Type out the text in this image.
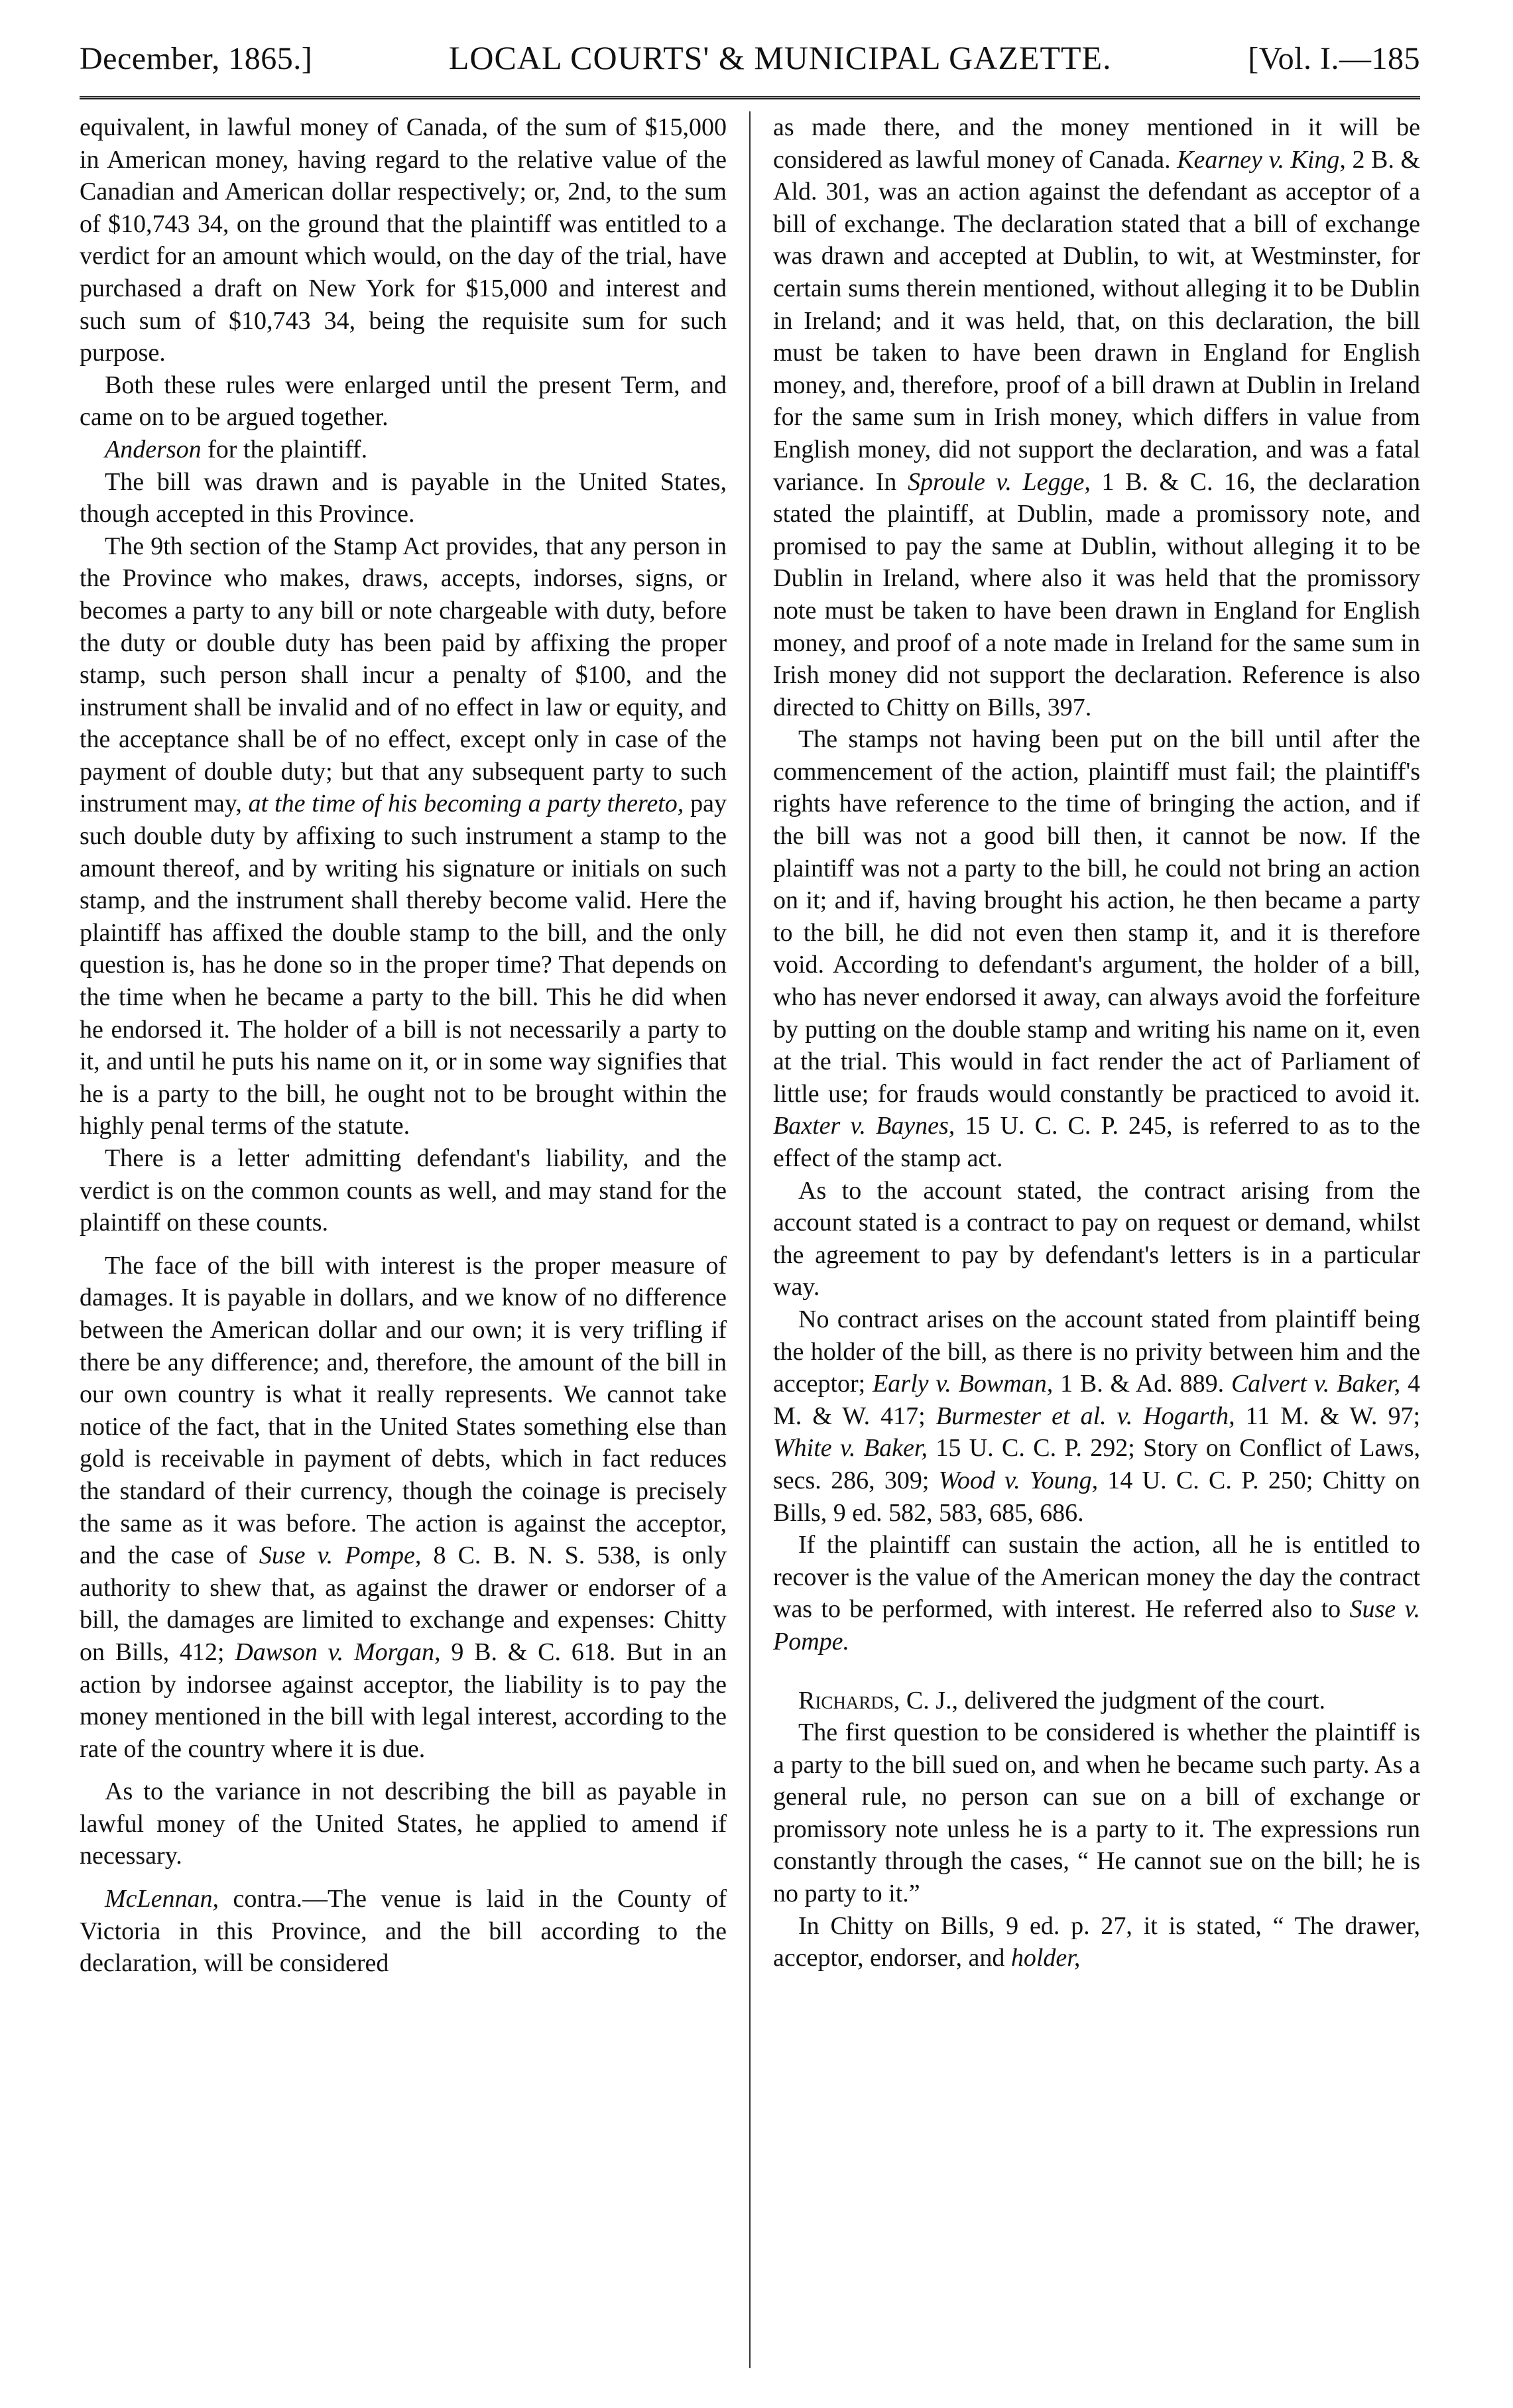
December, 1865.]	LOCAL COURTS' & MUNICIPAL GAZETTE.	[Vol. I.—185

equivalent, in lawful money of Canada, of the sum of $15,000 in American money, having regard to the relative value of the Canadian and American dollar respectively; or, 2nd, to the sum of $10,743 34, on the ground that the plaintiff was entitled to a verdict for an amount which would, on the day of the trial, have purchased a draft on New York for $15,000 and interest and such sum of $10,743 34, being the requisite sum for such purpose.

Both these rules were enlarged until the present Term, and came on to be argued together.

Anderson for the plaintiff.

The bill was drawn and is payable in the United States, though accepted in this Province.

The 9th section of the Stamp Act provides, that any person in the Province who makes, draws, accepts, indorses, signs, or becomes a party to any bill or note chargeable with duty, before the duty or double duty has been paid by affixing the proper stamp, such person shall incur a penalty of $100, and the instrument shall be invalid and of no effect in law or equity, and the acceptance shall be of no effect, except only in case of the payment of double duty; but that any subsequent party to such instrument may, at the time of his becoming a party thereto, pay such double duty by affixing to such instrument a stamp to the amount thereof, and by writing his signature or initials on such stamp, and the instrument shall thereby become valid. Here the plaintiff has affixed the double stamp to the bill, and the only question is, has he done so in the proper time? That depends on the time when he became a party to the bill. This he did when he endorsed it. The holder of a bill is not necessarily a party to it, and until he puts his name on it, or in some way signifies that he is a party to the bill, he ought not to be brought within the highly penal terms of the statute.

There is a letter admitting defendant's liability, and the verdict is on the common counts as well, and may stand for the plaintiff on these counts.

The face of the bill with interest is the proper measure of damages. It is payable in dollars, and we know of no difference between the American dollar and our own; it is very trifling if there be any difference; and, therefore, the amount of the bill in our own country is what it really represents. We cannot take notice of the fact, that in the United States something else than gold is receivable in payment of debts, which in fact reduces the standard of their currency, though the coinage is precisely the same as it was before. The action is against the acceptor, and the case of Suse v. Pompe, 8 C. B. N. S. 538, is only authority to shew that, as against the drawer or endorser of a bill, the damages are limited to exchange and expenses: Chitty on Bills, 412; Dawson v. Morgan, 9 B. & C. 618. But in an action by indorsee against acceptor, the liability is to pay the money mentioned in the bill with legal interest, according to the rate of the country where it is due.

As to the variance in not describing the bill as payable in lawful money of the United States, he applied to amend if necessary.

McLennan, contra.—The venue is laid in the County of Victoria in this Province, and the bill according to the declaration, will be considered

as made there, and the money mentioned in it will be considered as lawful money of Canada. Kearney v. King, 2 B. & Ald. 301, was an action against the defendant as acceptor of a bill of exchange. The declaration stated that a bill of exchange was drawn and accepted at Dublin, to wit, at Westminster, for certain sums therein mentioned, without alleging it to be Dublin in Ireland; and it was held, that, on this declaration, the bill must be taken to have been drawn in England for English money, and, therefore, proof of a bill drawn at Dublin in Ireland for the same sum in Irish money, which differs in value from English money, did not support the declaration, and was a fatal variance. In Sproule v. Legge, 1 B. & C. 16, the declaration stated the plaintiff, at Dublin, made a promissory note, and promised to pay the same at Dublin, without alleging it to be Dublin in Ireland, where also it was held that the promissory note must be taken to have been drawn in England for English money, and proof of a note made in Ireland for the same sum in Irish money did not support the declaration. Reference is also directed to Chitty on Bills, 397.

The stamps not having been put on the bill until after the commencement of the action, plaintiff must fail; the plaintiff's rights have reference to the time of bringing the action, and if the bill was not a good bill then, it cannot be now. If the plaintiff was not a party to the bill, he could not bring an action on it; and if, having brought his action, he then became a party to the bill, he did not even then stamp it, and it is therefore void. According to defendant's argument, the holder of a bill, who has never endorsed it away, can always avoid the forfeiture by putting on the double stamp and writing his name on it, even at the trial. This would in fact render the act of Parliament of little use; for frauds would constantly be practiced to avoid it. Baxter v. Baynes, 15 U. C. C. P. 245, is referred to as to the effect of the stamp act.

As to the account stated, the contract arising from the account stated is a contract to pay on request or demand, whilst the agreement to pay by defendant's letters is in a particular way.

No contract arises on the account stated from plaintiff being the holder of the bill, as there is no privity between him and the acceptor; Early v. Bowman, 1 B. & Ad. 889. Calvert v. Baker, 4 M. & W. 417; Burmester et al. v. Hogarth, 11 M. & W. 97; White v. Baker, 15 U. C. C. P. 292; Story on Conflict of Laws, secs. 286, 309; Wood v. Young, 14 U. C. C. P. 250; Chitty on Bills, 9 ed. 582, 583, 685, 686.

If the plaintiff can sustain the action, all he is entitled to recover is the value of the American money the day the contract was to be performed, with interest. He referred also to Suse v. Pompe.

Richards, C. J., delivered the judgment of the court.

The first question to be considered is whether the plaintiff is a party to the bill sued on, and when he became such party. As a general rule, no person can sue on a bill of exchange or promissory note unless he is a party to it. The expressions run constantly through the cases, “ He cannot sue on the bill; he is no party to it.”

In Chitty on Bills, 9 ed. p. 27, it is stated, “ The drawer, acceptor, endorser, and holder,
